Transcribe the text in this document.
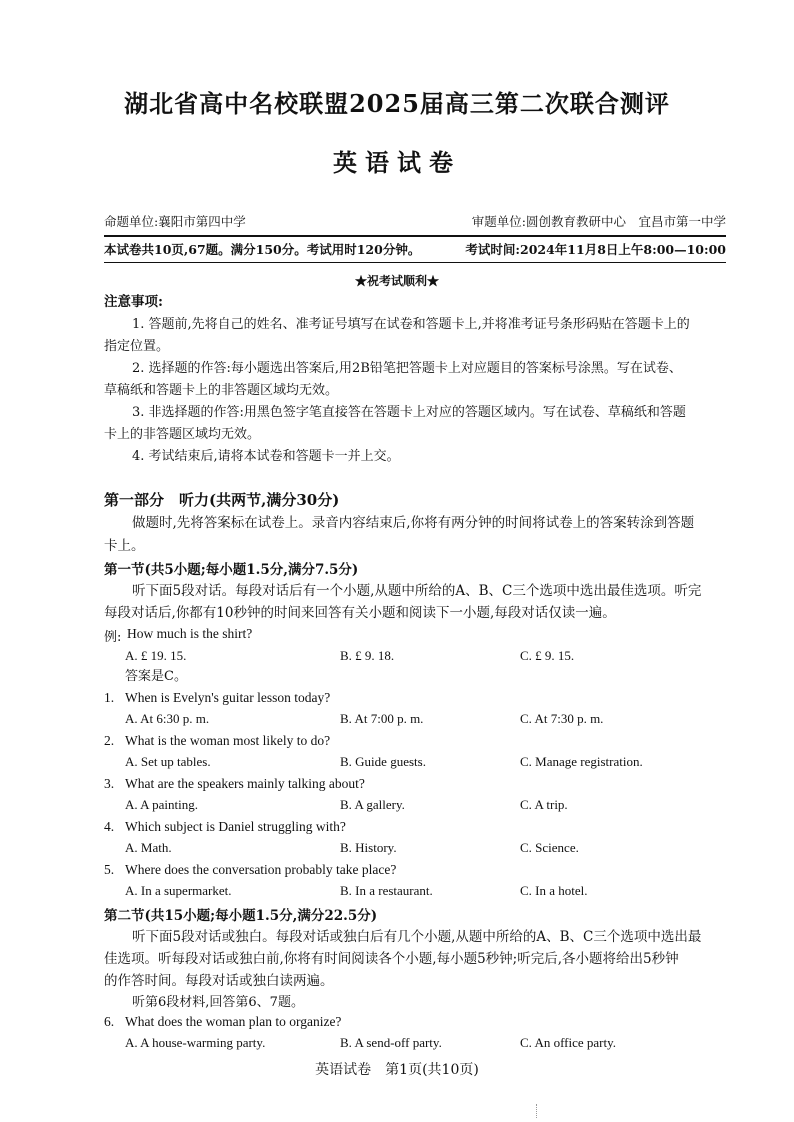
湖北省高中名校联盟2025届高三第二次联合测评
英语试卷
命题单位:襄阳市第四中学	审题单位:圆创教育教研中心　宜昌市第一中学
本试卷共10页,67题。满分150分。考试用时120分钟。	考试时间:2024年11月8日上午8:00—10:00
★祝考试顺利★
注意事项:
1. 答题前,先将自己的姓名、准考证号填写在试卷和答题卡上,并将准考证号条形码贴在答题卡上的
指定位置。
2. 选择题的作答:每小题选出答案后,用2B铅笔把答题卡上对应题目的答案标号涂黑。写在试卷、
草稿纸和答题卡上的非答题区域均无效。
3. 非选择题的作答:用黑色签字笔直接答在答题卡上对应的答题区域内。写在试卷、草稿纸和答题
卡上的非答题区域均无效。
4. 考试结束后,请将本试卷和答题卡一并上交。
第一部分　听力(共两节,满分30分)
做题时,先将答案标在试卷上。录音内容结束后,你将有两分钟的时间将试卷上的答案转涂到答题
卡上。
第一节(共5小题;每小题1.5分,满分7.5分)
听下面5段对话。每段对话后有一个小题,从题中所给的A、B、C三个选项中选出最佳选项。听完
每段对话后,你都有10秒钟的时间来回答有关小题和阅读下一小题,每段对话仅读一遍。
例: How much is the shirt?
A. £ 19. 15.	B. £ 9. 18.	C. £ 9. 15.
答案是C。
1. When is Evelyn's guitar lesson today?
A. At 6:30 p. m.	B. At 7:00 p. m.	C. At 7:30 p. m.
2. What is the woman most likely to do?
A. Set up tables.	B. Guide guests.	C. Manage registration.
3. What are the speakers mainly talking about?
A. A painting.	B. A gallery.	C. A trip.
4. Which subject is Daniel struggling with?
A. Math.	B. History.	C. Science.
5. Where does the conversation probably take place?
A. In a supermarket.	B. In a restaurant.	C. In a hotel.
第二节(共15小题;每小题1.5分,满分22.5分)
听下面5段对话或独白。每段对话或独白后有几个小题,从题中所给的A、B、C三个选项中选出最
佳选项。听每段对话或独白前,你将有时间阅读各个小题,每小题5秒钟;听完后,各小题将给出5秒钟
的作答时间。每段对话或独白读两遍。
听第6段材料,回答第6、7题。
6. What does the woman plan to organize?
A. A house-warming party.	B. A send-off party.	C. An office party.
英语试卷　第1页(共10页)
